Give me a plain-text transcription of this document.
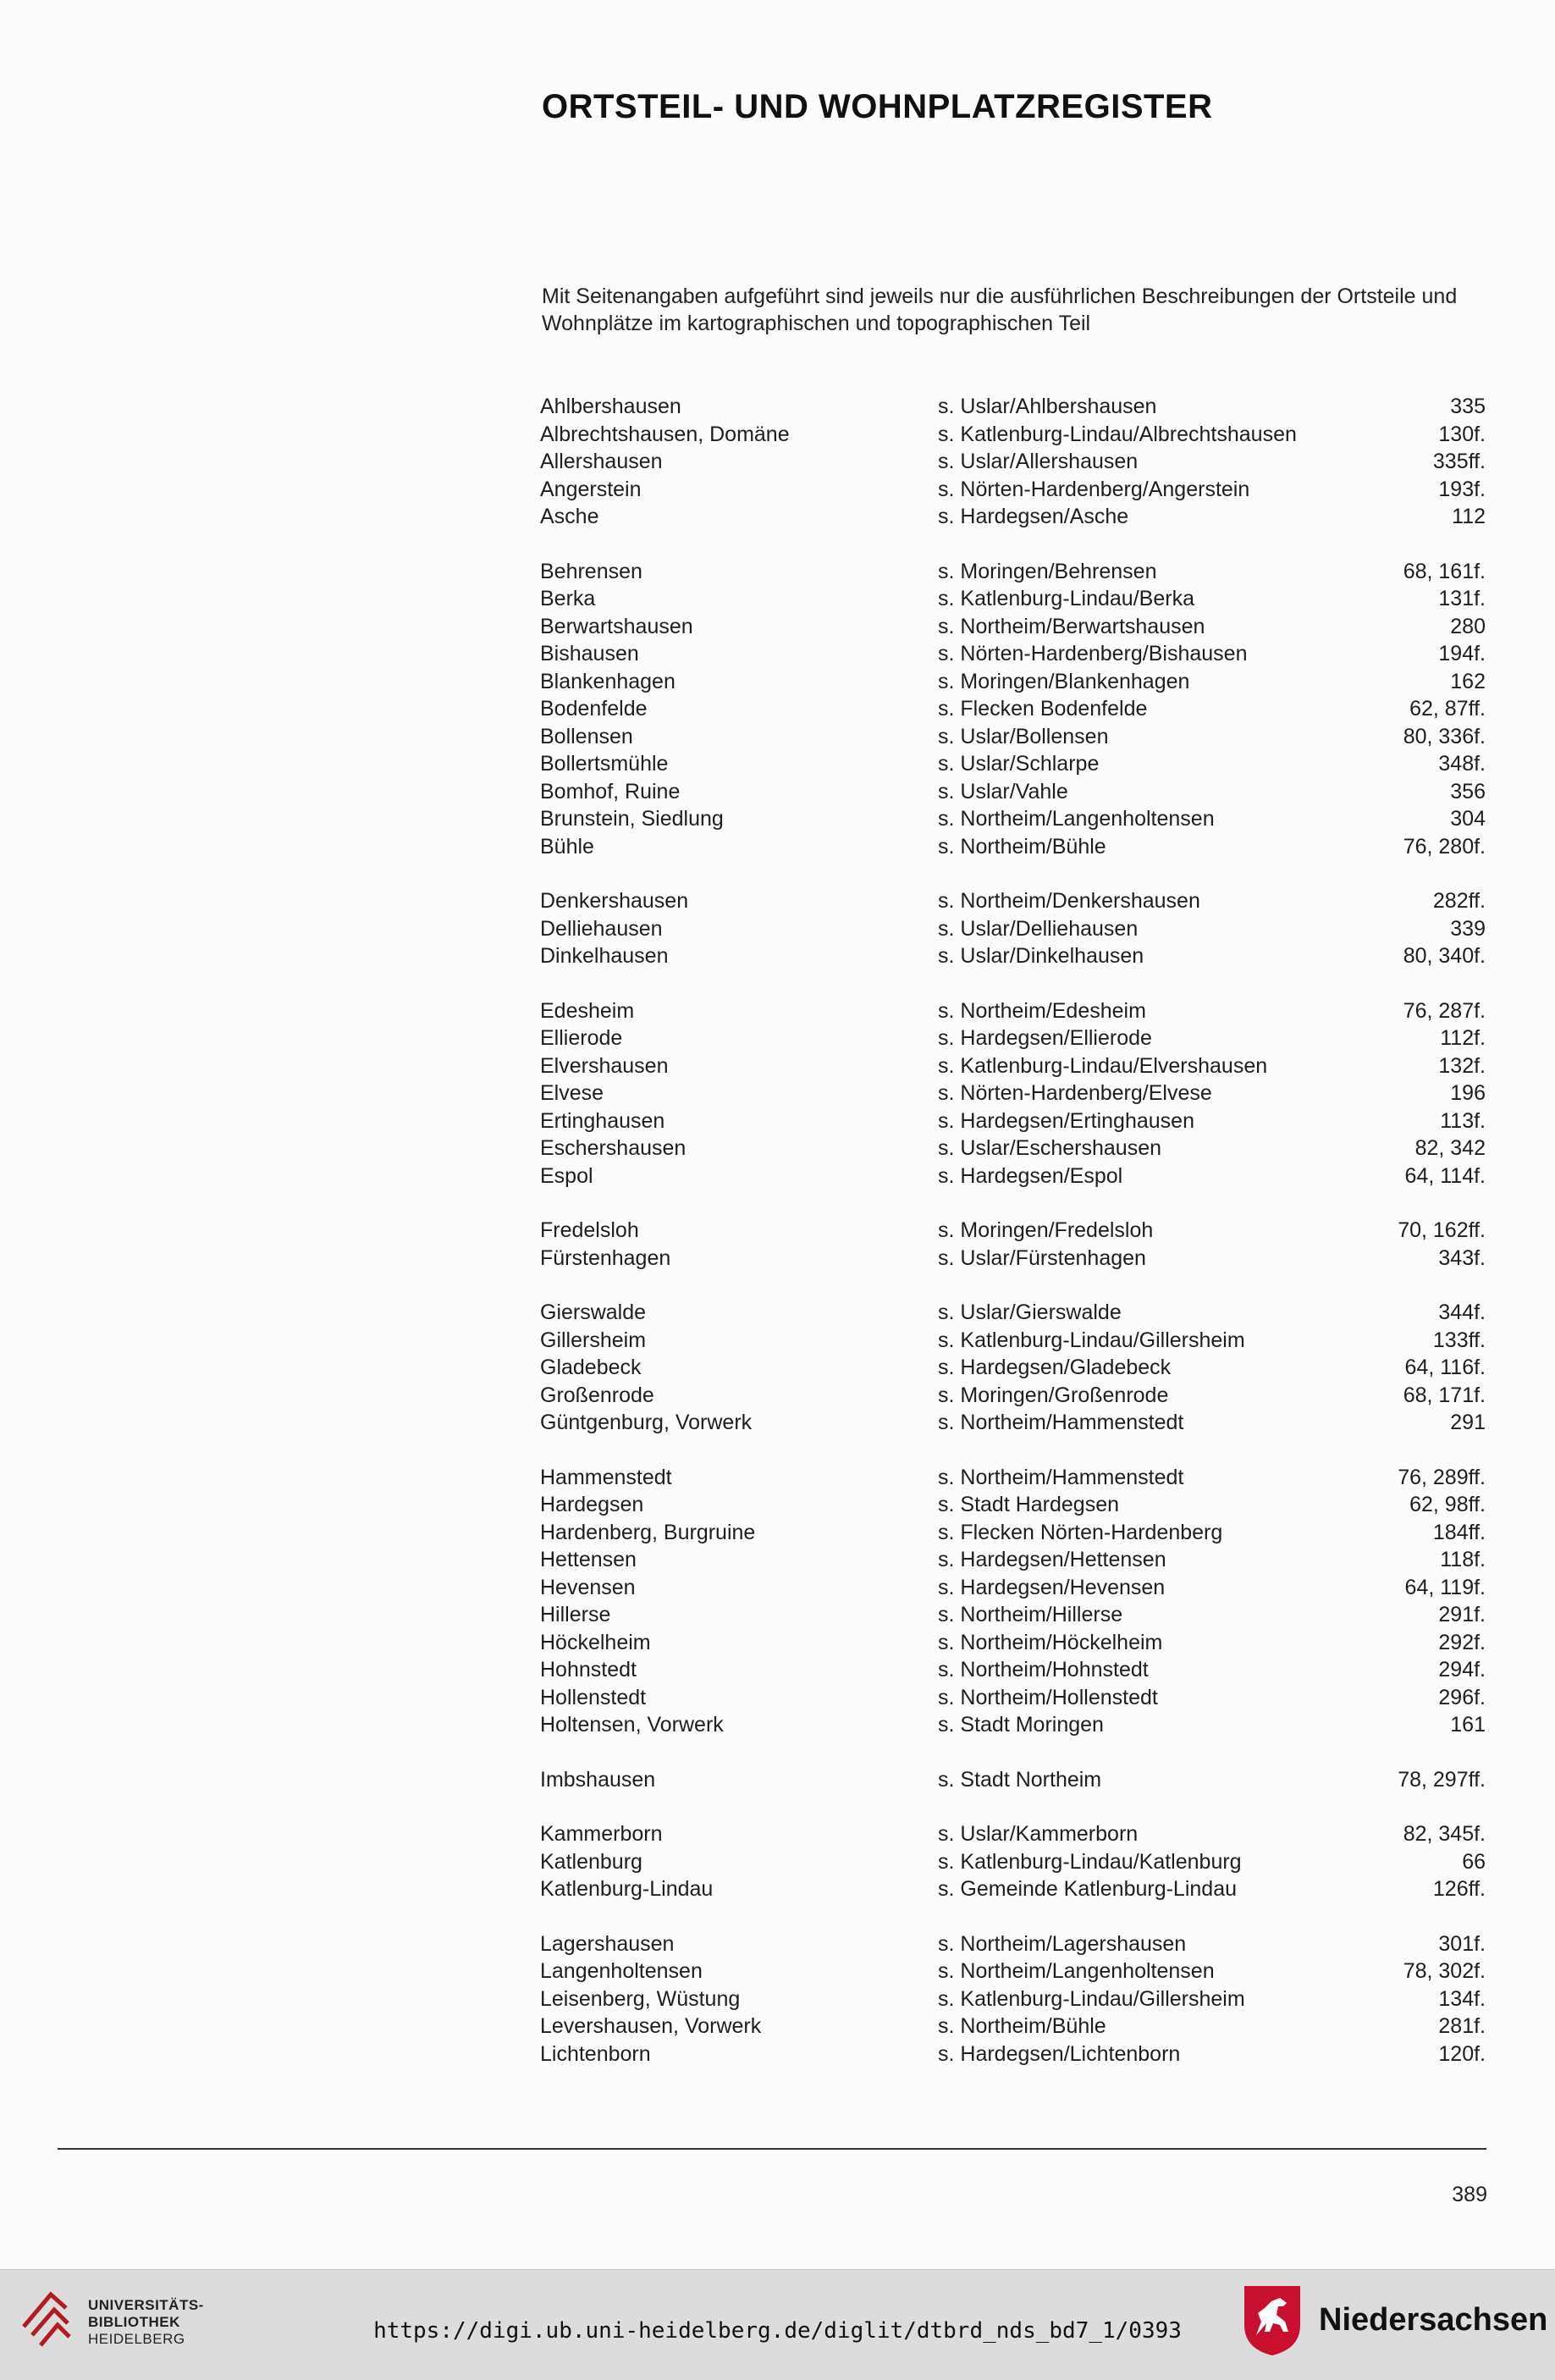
ORTSTEIL- UND WOHNPLATZREGISTER
Mit Seitenangaben aufgeführt sind jeweils nur die ausführlichen Beschreibungen der Ortsteile und Wohnplätze im kartographischen und topographischen Teil
Ahlbershausen	s. Uslar/Ahlbershausen	335
Albrechtshausen, Domäne	s. Katlenburg-Lindau/Albrechtshausen	130f.
Allershausen	s. Uslar/Allershausen	335ff.
Angerstein	s. Nörten-Hardenberg/Angerstein	193f.
Asche	s. Hardegsen/Asche	112
Behrensen	s. Moringen/Behrensen	68, 161f.
Berka	s. Katlenburg-Lindau/Berka	131f.
Berwartshausen	s. Northeim/Berwartshausen	280
Bishausen	s. Nörten-Hardenberg/Bishausen	194f.
Blankenhagen	s. Moringen/Blankenhagen	162
Bodenfelde	s. Flecken Bodenfelde	62, 87ff.
Bollensen	s. Uslar/Bollensen	80, 336f.
Bollertsmühle	s. Uslar/Schlarpe	348f.
Bomhof, Ruine	s. Uslar/Vahle	356
Brunstein, Siedlung	s. Northeim/Langenholtensen	304
Bühle	s. Northeim/Bühle	76, 280f.
Denkershausen	s. Northeim/Denkershausen	282ff.
Delliehausen	s. Uslar/Delliehausen	339
Dinkelhausen	s. Uslar/Dinkelhausen	80, 340f.
Edesheim	s. Northeim/Edesheim	76, 287f.
Ellierode	s. Hardegsen/Ellierode	112f.
Elvershausen	s. Katlenburg-Lindau/Elvershausen	132f.
Elvese	s. Nörten-Hardenberg/Elvese	196
Ertinghausen	s. Hardegsen/Ertinghausen	113f.
Eschershausen	s. Uslar/Eschershausen	82, 342
Espol	s. Hardegsen/Espol	64, 114f.
Fredelsloh	s. Moringen/Fredelsloh	70, 162ff.
Fürstenhagen	s. Uslar/Fürstenhagen	343f.
Gierswalde	s. Uslar/Gierswalde	344f.
Gillersheim	s. Katlenburg-Lindau/Gillersheim	133ff.
Gladebeck	s. Hardegsen/Gladebeck	64, 116f.
Großenrode	s. Moringen/Großenrode	68, 171f.
Güntgenburg, Vorwerk	s. Northeim/Hammenstedt	291
Hammenstedt	s. Northeim/Hammenstedt	76, 289ff.
Hardegsen	s. Stadt Hardegsen	62, 98ff.
Hardenberg, Burgruine	s. Flecken Nörten-Hardenberg	184ff.
Hettensen	s. Hardegsen/Hettensen	118f.
Hevensen	s. Hardegsen/Hevensen	64, 119f.
Hillerse	s. Northeim/Hillerse	291f.
Höckelheim	s. Northeim/Höckelheim	292f.
Hohnstedt	s. Northeim/Hohnstedt	294f.
Hollenstedt	s. Northeim/Hollenstedt	296f.
Holtensen, Vorwerk	s. Stadt Moringen	161
Imbshausen	s. Stadt Northeim	78, 297ff.
Kammerborn	s. Uslar/Kammerborn	82, 345f.
Katlenburg	s. Katlenburg-Lindau/Katlenburg	66
Katlenburg-Lindau	s. Gemeinde Katlenburg-Lindau	126ff.
Lagershausen	s. Northeim/Lagershausen	301f.
Langenholtensen	s. Northeim/Langenholtensen	78, 302f.
Leisenberg, Wüstung	s. Katlenburg-Lindau/Gillersheim	134f.
Levershausen, Vorwerk	s. Northeim/Bühle	281f.
Lichtenborn	s. Hardegsen/Lichtenborn	120f.
389
UNIVERSITÄTS-
BIBLIOTHEK
HEIDELBERG	https://digi.ub.uni-heidelberg.de/diglit/dtbrd_nds_bd7_1/0393	Niedersachsen
